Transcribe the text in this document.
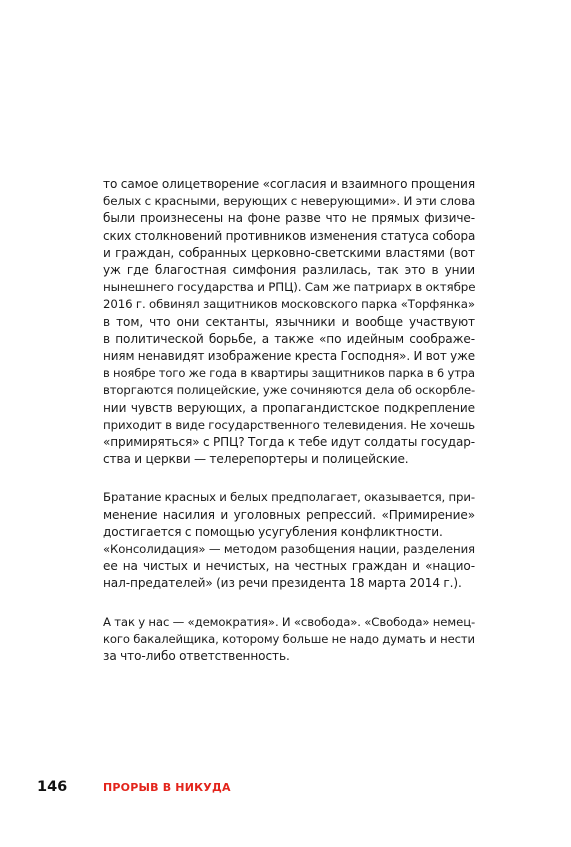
то самое олицетворение «согласия и взаимного прощения
белых с красными, верующих с неверующими». И эти слова
были произнесены на фоне разве что не прямых физиче-
ских столкновений противников изменения статуса собора
и граждан, собранных церковно-светскими властями (вот
уж где благостная симфония разлилась, так это в унии
нынешнего государства и РПЦ). Сам же патриарх в октябре
2016 г. обвинял защитников московского парка «Торфянка»
в том, что они сектанты, язычники и вообще участвуют
в политической борьбе, а также «по идейным соображе-
ниям ненавидят изображение креста Господня». И вот уже
в ноябре того же года в квартиры защитников парка в 6 утра
вторгаются полицейские, уже сочиняются дела об оскорбле-
нии чувств верующих, а пропагандистское подкрепление
приходит в виде государственного телевидения. Не хочешь
«примиряться» с РПЦ? Тогда к тебе идут солдаты государ-
ства и церкви — телерепортеры и полицейские.
Братание красных и белых предполагает, оказывается, при-
менение насилия и уголовных репрессий. «Примирение»
достигается с помощью усугубления конфликтности.
«Консолидация» — методом разобщения нации, разделения
ее на чистых и нечистых, на честных граждан и «нацио-
нал-предателей» (из речи президента 18 марта 2014 г.).
А так у нас — «демократия». И «свобода». «Свобода» немец-
кого бакалейщика, которому больше не надо думать и нести
за что-либо ответственность.
146	ПРОРЫВ В НИКУДА
